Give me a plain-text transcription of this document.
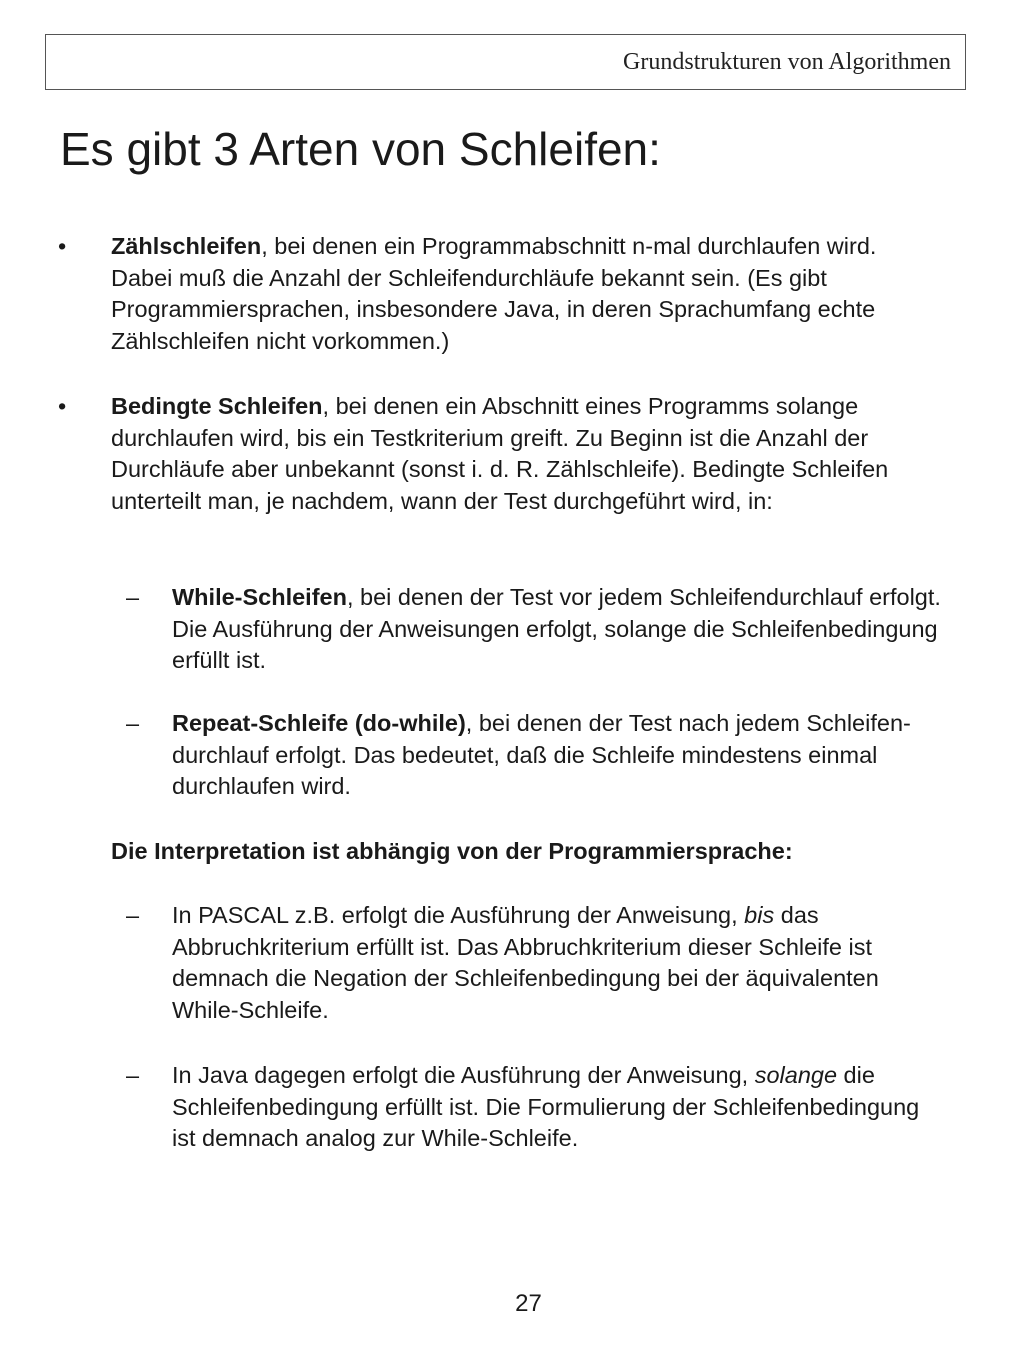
Grundstrukturen von Algorithmen
Es gibt 3 Arten von Schleifen:
• Zählschleifen, bei denen ein Programmabschnitt n-mal durchlaufen wird. Dabei muß die Anzahl der Schleifendurchläufe bekannt sein. (Es gibt Programmiersprachen, insbesondere Java, in deren Sprachumfang echte Zählschleifen nicht vorkommen.)

• Bedingte Schleifen, bei denen ein Abschnitt eines Programms solange durchlaufen wird, bis ein Testkriterium greift. Zu Beginn ist die Anzahl der Durchläufe aber unbekannt (sonst i. d. R. Zählschleife). Bedingte Schleifen unterteilt man, je nachdem, wann der Test durchgeführt wird, in:

– While-Schleifen, bei denen der Test vor jedem Schleifendurchlauf erfolgt. Die Ausführung der Anweisungen erfolgt, solange die Schleifenbedingung erfüllt ist.

– Repeat-Schleife (do-while), bei denen der Test nach jedem Schleifen-durchlauf erfolgt. Das bedeutet, daß die Schleife mindestens einmal durchlaufen wird.

Die Interpretation ist abhängig von der Programmiersprache:

– In PASCAL z.B. erfolgt die Ausführung der Anweisung, bis das Abbruchkriterium erfüllt ist. Das Abbruchkriterium dieser Schleife ist demnach die Negation der Schleifenbedingung bei der äquivalenten While-Schleife.

– In Java dagegen erfolgt die Ausführung der Anweisung, solange die Schleifenbedingung erfüllt ist. Die Formulierung der Schleifenbedingung ist demnach analog zur While-Schleife.

27
